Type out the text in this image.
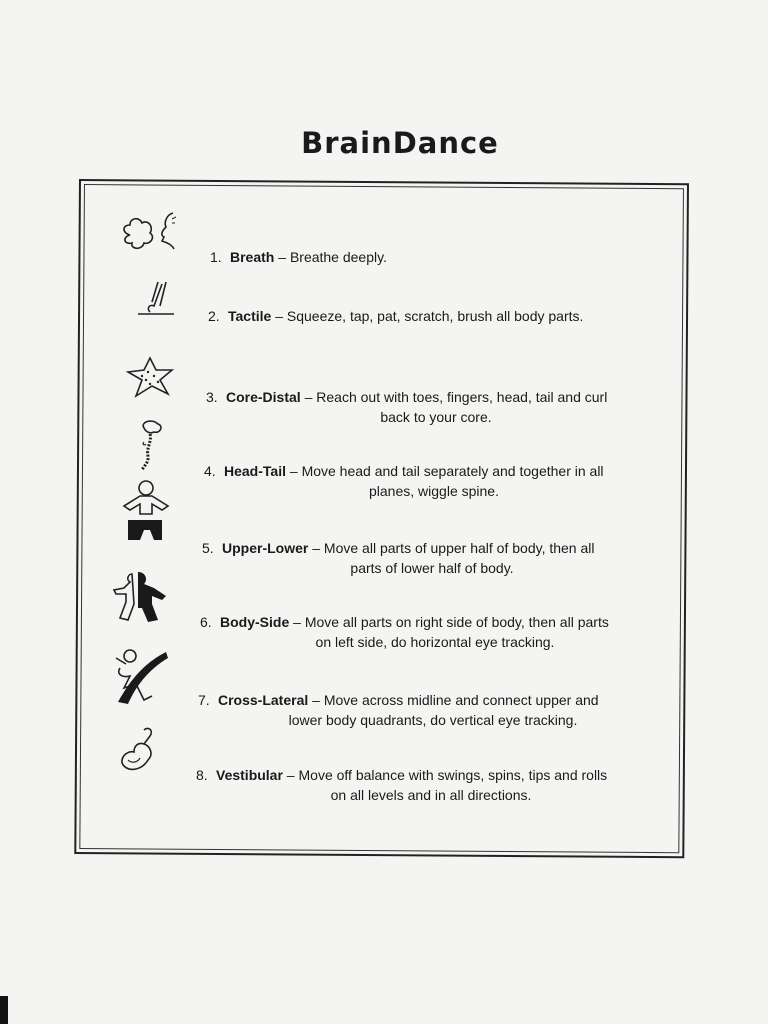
BrainDance
1. Breath – Breathe deeply.
2. Tactile – Squeeze, tap, pat, scratch, brush all body parts.
3. Core-Distal – Reach out with toes, fingers, head, tail and curl
back to your core.
4. Head-Tail – Move head and tail separately and together in all
planes, wiggle spine.
5. Upper-Lower – Move all parts of upper half of body, then all
parts of lower half of body.
6. Body-Side – Move all parts on right side of body, then all parts
on left side, do horizontal eye tracking.
7. Cross-Lateral – Move across midline and connect upper and
lower body quadrants, do vertical eye tracking.
8. Vestibular – Move off balance with swings, spins, tips and rolls
on all levels and in all directions.
